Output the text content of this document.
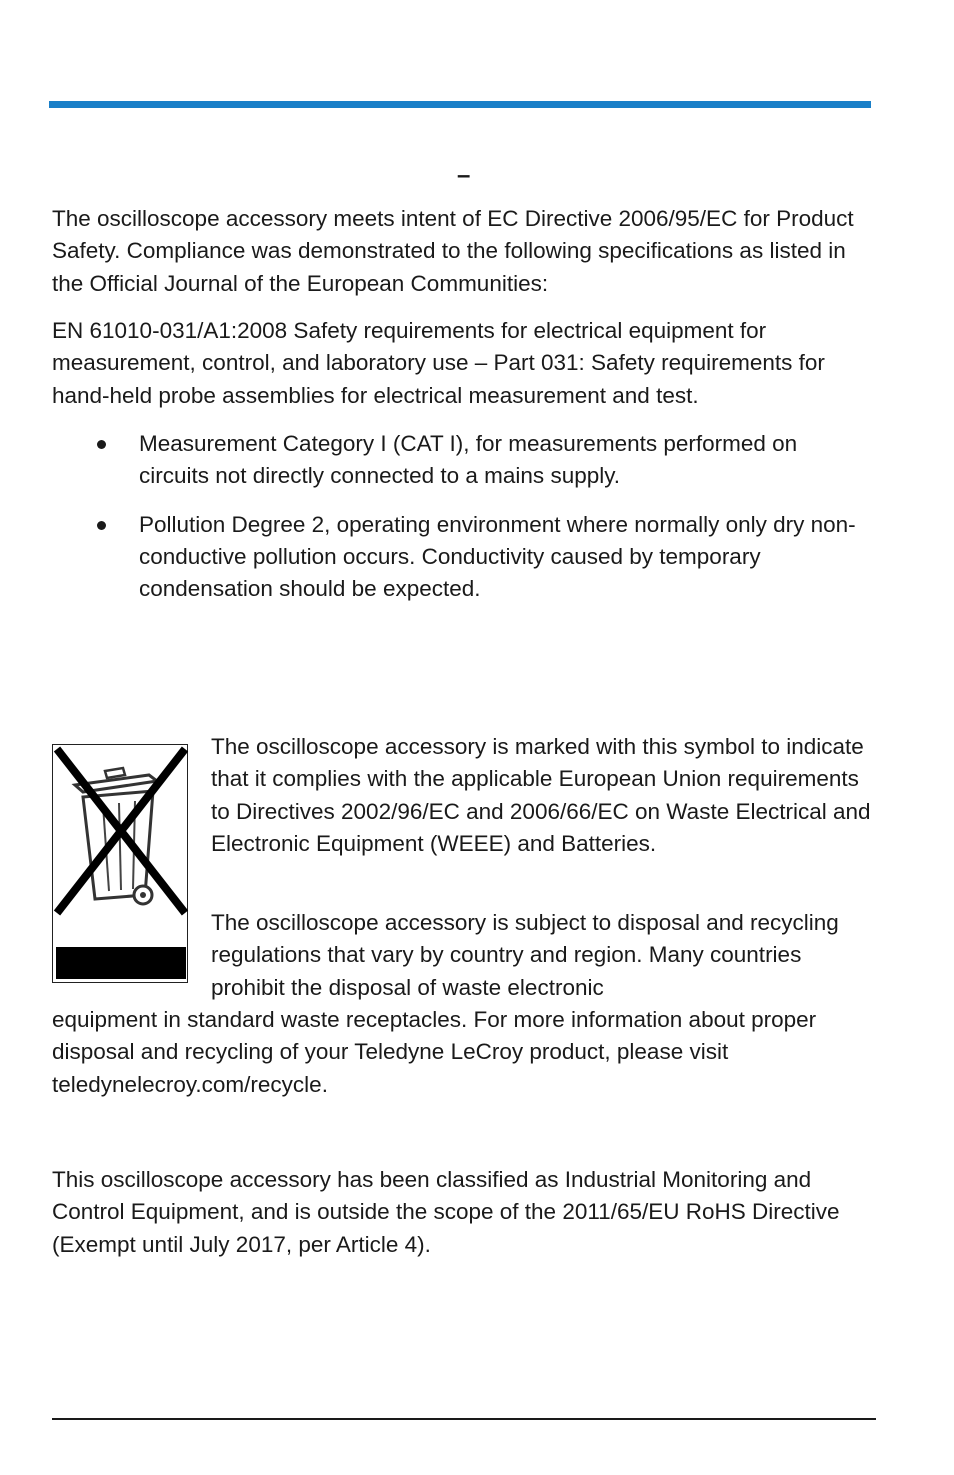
–

The oscilloscope accessory meets intent of EC Directive 2006/95/EC for Product Safety. Compliance was demonstrated to the following specifications as listed in the Official Journal of the European Communities:

EN 61010-031/A1:2008 Safety requirements for electrical equipment for measurement, control, and laboratory use – Part 031: Safety requirements for hand-held probe assemblies for electrical measurement and test.

Measurement Category I (CAT I), for measurements performed on circuits not directly connected to a mains supply.
Pollution Degree 2, operating environment where normally only dry non-conductive pollution occurs. Conductivity caused by temporary condensation should be expected.

The oscilloscope accessory is marked with this symbol to indicate that it complies with the applicable European Union requirements to Directives 2002/96/EC and 2006/66/EC on Waste Electrical and Electronic Equipment (WEEE) and Batteries.

The oscilloscope accessory is subject to disposal and recycling regulations that vary by country and region. Many countries prohibit the disposal of waste electronic

equipment in standard waste receptacles. For more information about proper disposal and recycling of your Teledyne LeCroy product, please visit teledynelecroy.com/recycle.

This oscilloscope accessory has been classified as Industrial Monitoring and Control Equipment, and is outside the scope of the 2011/65/EU RoHS Directive (Exempt until July 2017, per Article 4).
